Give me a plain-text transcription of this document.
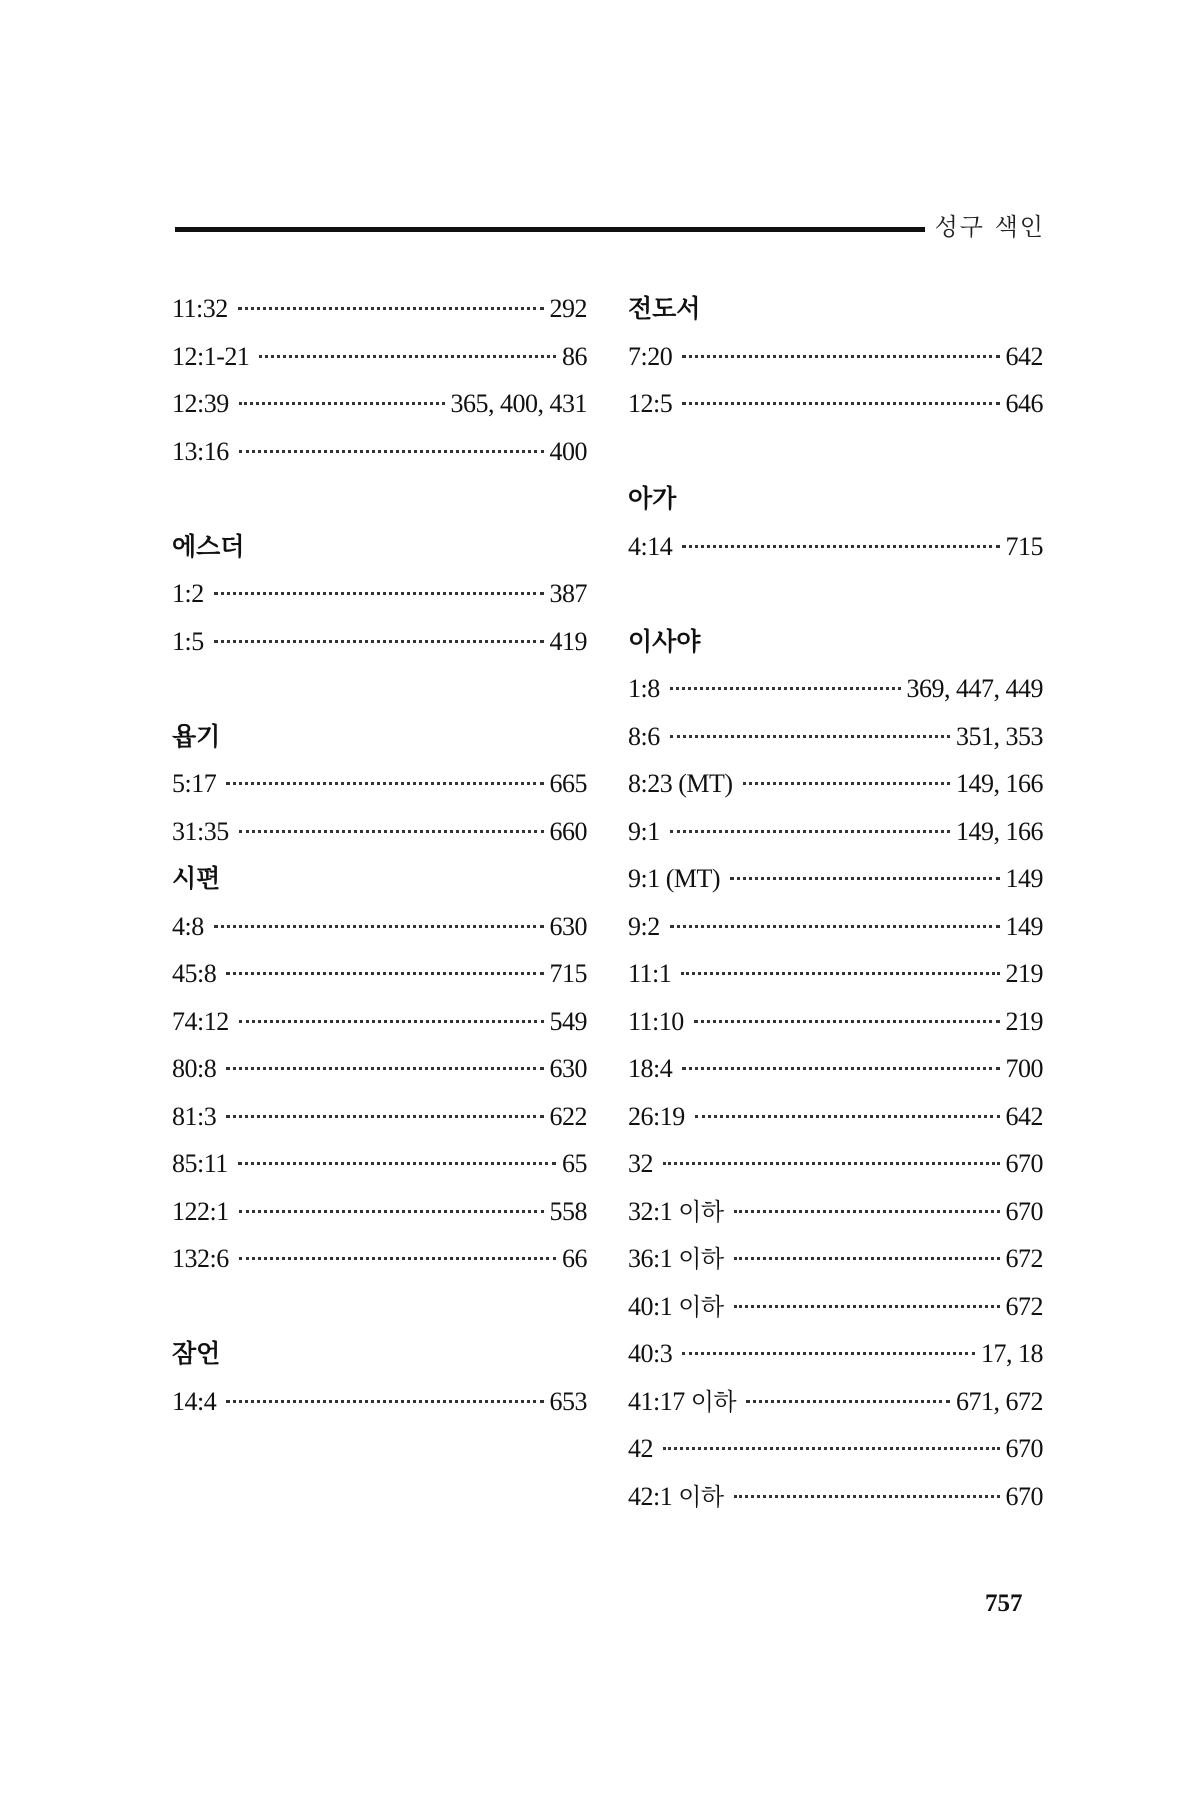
성구 색인
11:32	292
12:1-21	86
12:39	365, 400, 431
13:16	400
에스더
1:2	387
1:5	419
욥기
5:17	665
31:35	660
시편
4:8	630
45:8	715
74:12	549
80:8	630
81:3	622
85:11	65
122:1	558
132:6	66
잠언
14:4	653
전도서
7:20	642
12:5	646
아가
4:14	715
이사야
1:8	369, 447, 449
8:6	351, 353
8:23 (MT)	149, 166
9:1	149, 166
9:1 (MT)	149
9:2	149
11:1	219
11:10	219
18:4	700
26:19	642
32	670
32:1 이하	670
36:1 이하	672
40:1 이하	672
40:3	17, 18
41:17 이하	671, 672
42	670
42:1 이하	670
757
